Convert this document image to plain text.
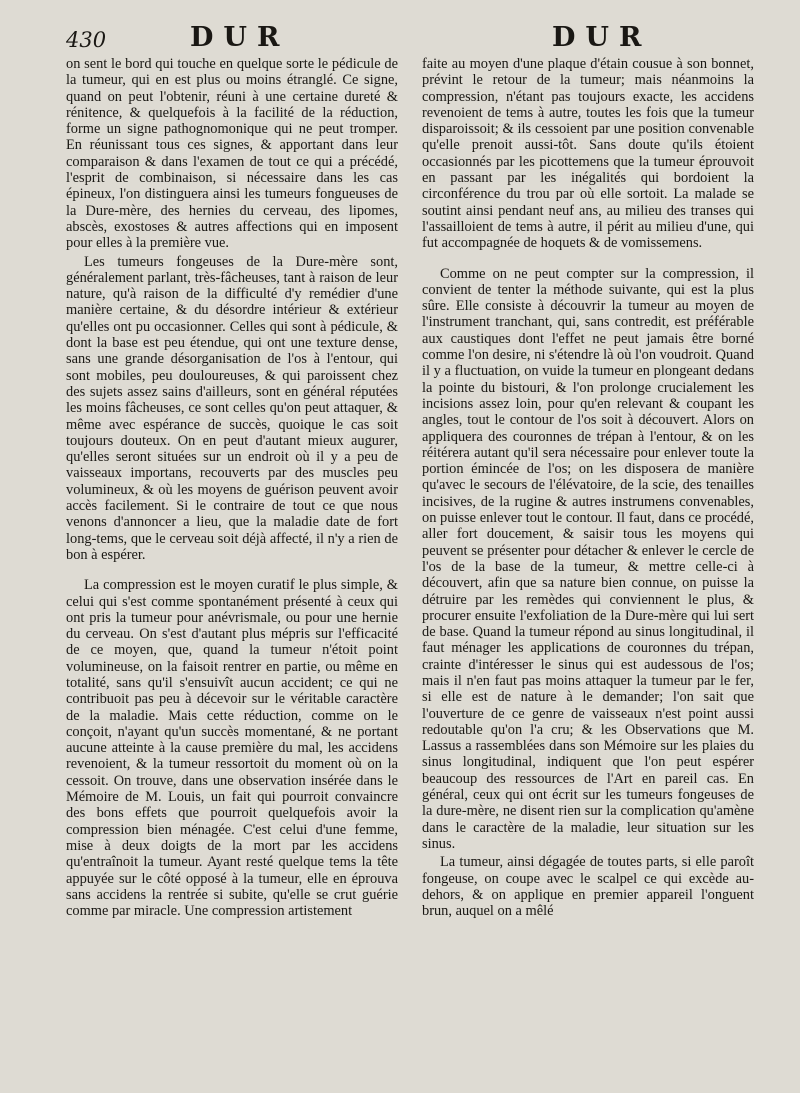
430	DUR	DUR

on sent le bord qui touche en quelque sorte le pédicule de la tumeur, qui en est plus ou moins étranglé. Ce signe, quand on peut l'obtenir, réuni à une certaine dureté & rénitence, & quelquefois à la facilité de la réduction, forme un signe pathognomonique qui ne peut tromper. En réunissant tous ces signes, & apportant dans leur comparaison & dans l'examen de tout ce qui a précédé, l'esprit de combinaison, si nécessaire dans les cas épineux, l'on distinguera ainsi les tumeurs fongueuses de la Dure-mère, des hernies du cerveau, des lipomes, abscès, exostoses & autres affections qui en imposent pour elles à la première vue.

Les tumeurs fongeuses de la Dure-mère sont, généralement parlant, très-fâcheuses, tant à raison de leur nature, qu'à raison de la difficulté d'y remédier d'une manière certaine, & du désordre intérieur & extérieur qu'elles ont pu occasionner. Celles qui sont à pédicule, & dont la base est peu étendue, qui ont une texture dense, sans une grande désorganisation de l'os à l'entour, qui sont mobiles, peu douloureuses, & qui paroissent chez des sujets assez sains d'ailleurs, sont en général réputées les moins fâcheuses, ce sont celles qu'on peut attaquer, & même avec espérance de succès, quoique le cas soit toujours douteux. On en peut d'autant mieux augurer, qu'elles seront situées sur un endroit où il y a peu de vaisseaux importans, recouverts par des muscles peu volumineux, & où les moyens de guérison peuvent avoir accès facilement. Si le contraire de tout ce que nous venons d'annoncer a lieu, que la maladie date de fort long-tems, que le cerveau soit déjà affecté, il n'y a rien de bon à espérer.

La compression est le moyen curatif le plus simple, & celui qui s'est comme spontanément présenté à ceux qui ont pris la tumeur pour anévrismale, ou pour une hernie du cerveau. On s'est d'autant plus mépris sur l'efficacité de ce moyen, que, quand la tumeur n'étoit point volumineuse, on la faisoit rentrer en partie, ou même en totalité, sans qu'il s'ensuivît aucun accident; ce qui ne contribuoit pas peu à décevoir sur le véritable caractère de la maladie. Mais cette réduction, comme on le conçoit, n'ayant qu'un succès momentané, & ne portant aucune atteinte à la cause première du mal, les accidens revenoient, & la tumeur ressortoit du moment où on la cessoit. On trouve, dans une observation insérée dans le Mémoire de M. Louis, un fait qui pourroit convaincre des bons effets que pourroit quelquefois avoir la compression bien ménagée. C'est celui d'une femme, mise à deux doigts de la mort par les accidens qu'entraînoit la tumeur. Ayant resté quelque tems la tête appuyée sur le côté opposé à la tumeur, elle en éprouva sans accidens la rentrée si subite, qu'elle se crut guérie comme par miracle. Une compression artistement

faite au moyen d'une plaque d'étain cousue à son bonnet, prévint le retour de la tumeur; mais néanmoins la compression, n'étant pas toujours exacte, les accidens revenoient de tems à autre, toutes les fois que la tumeur disparoissoit; & ils cessoient par une position convenable qu'elle prenoit aussi-tôt. Sans doute qu'ils étoient occasionnés par les picottemens que la tumeur éprouvoit en passant par les inégalités qui bordoient la circonférence du trou par où elle sortoit. La malade se soutint ainsi pendant neuf ans, au milieu des transes qui l'assailloient de tems à autre, il périt au milieu d'une, qui fut accompagnée de hoquets & de vomissemens.

Comme on ne peut compter sur la compression, il convient de tenter la méthode suivante, qui est la plus sûre. Elle consiste à découvrir la tumeur au moyen de l'instrument tranchant, qui, sans contredit, est préférable aux caustiques dont l'effet ne peut jamais être borné comme l'on desire, ni s'étendre là où l'on voudroit. Quand il y a fluctuation, on vuide la tumeur en plongeant dedans la pointe du bistouri, & l'on prolonge crucialement les incisions assez loin, pour qu'en relevant & coupant les angles, tout le contour de l'os soit à découvert. Alors on appliquera des couronnes de trépan à l'entour, & on les réitérera autant qu'il sera nécessaire pour enlever toute la portion émincée de l'os; on les disposera de manière qu'avec le secours de l'élévatoire, de la scie, des tenailles incisives, de la rugine & autres instrumens convenables, on puisse enlever tout le contour. Il faut, dans ce procédé, aller fort doucement, & saisir tous les moyens qui peuvent se présenter pour détacher & enlever le cercle de l'os de la base de la tumeur, & mettre celle-ci à découvert, afin que sa nature bien connue, on puisse la détruire par les remèdes qui conviennent le plus, & procurer ensuite l'exfoliation de la Dure-mère qui lui sert de base. Quand la tumeur répond au sinus longitudinal, il faut ménager les applications de couronnes du trépan, crainte d'intéresser le sinus qui est audessous de l'os; mais il n'en faut pas moins attaquer la tumeur par le fer, si elle est de nature à le demander; l'on sait que l'ouverture de ce genre de vaisseaux n'est point aussi redoutable qu'on l'a cru; & les Observations que M. Lassus a rassemblées dans son Mémoire sur les plaies du sinus longitudinal, indiquent que l'on peut espérer beaucoup des ressources de l'Art en pareil cas. En général, ceux qui ont écrit sur les tumeurs fongeuses de la dure-mère, ne disent rien sur la complication qu'amène dans le caractère de la maladie, leur situation sur les sinus.

La tumeur, ainsi dégagée de toutes parts, si elle paroît fongeuse, on coupe avec le scalpel ce qui excède au-dehors, & on applique en premier appareil l'onguent brun, auquel on a mêlé
